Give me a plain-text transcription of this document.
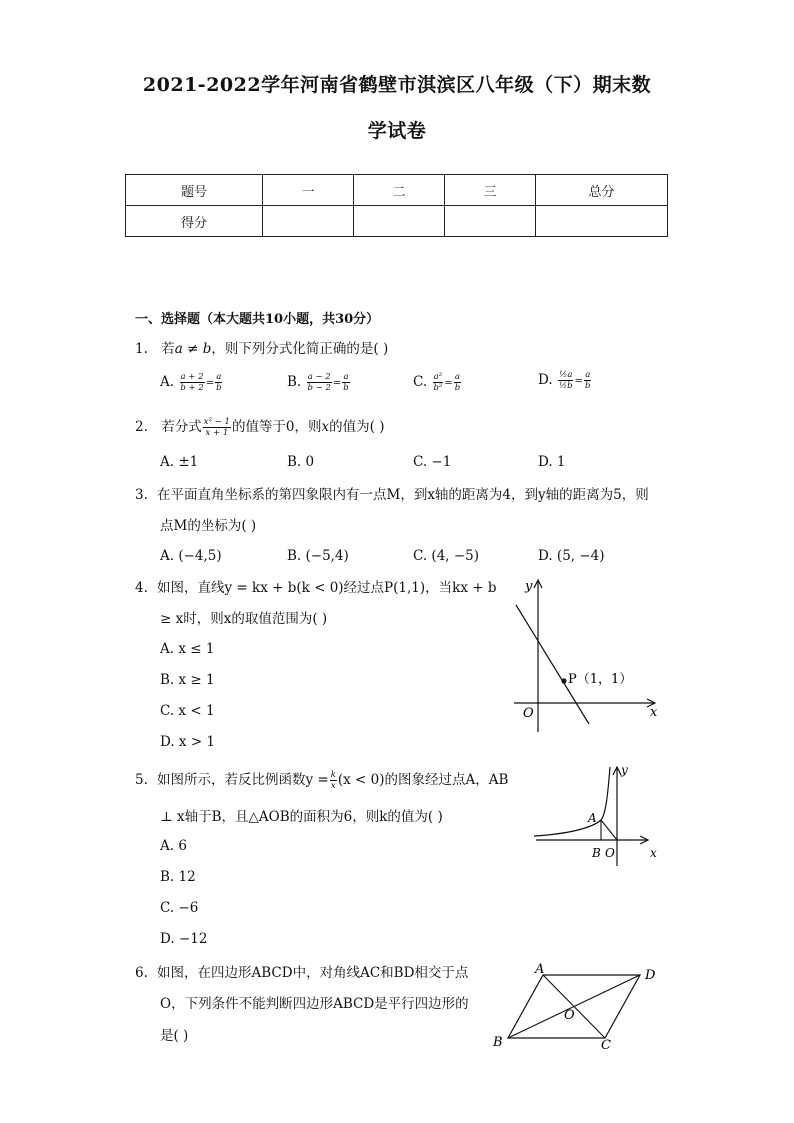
2021-2022学年河南省鹤壁市淇滨区八年级（下）期末数
学试卷
题号	一	二	三	总分
得分				
一、选择题（本大题共10小题，共30分）
1. 若a ≠ b，则下列分式化简正确的是( )
A. $\frac{a + 2}{b + 2} = \frac{a}{b}$	B. $\frac{a - 2}{b - 2} = \frac{a}{b}$	C. $\frac{\text{a²}}{\text{b²}} = \frac{a}{b}$	D. $\frac{\text{½a}}{\text{½b}} = \frac{a}{b}$
2. 若分式 $\frac{\text{x² − 1}}{x + 1}$ 的值等于0，则x的值为( )
A. ±1	B. 0	C. −1	D. 1
3. 在平面直角坐标系的第四象限内有一点M，到x轴的距离为4，到y轴的距离为5，则
点M的坐标为( )
A. (−4,5)	B. (−5,4)	C. (4, −5)	D. (5, −4)
4. 如图，直线y = kx + b(k < 0)经过点P(1,1)，当kx + b
≥ x时，则x的取值范围为( )
A. x ≤ 1
B. x ≥ 1
C. x < 1
D. x > 1
y
x
O
P（1，1）
5. 如图所示，若反比例函数$y = \frac{k}{x} (x < 0)$的图象经过点A，AB
⊥ x轴于B，且△AOB的面积为6，则k的值为( )
A. 6
B. 12
C. −6
D. −12
y
x
A
B O
6. 如图，在四边形ABCD中，对角线AC和BD相交于点
O，下列条件不能判断四边形ABCD是平行四边形的
是( )
A	D
B	C
O
